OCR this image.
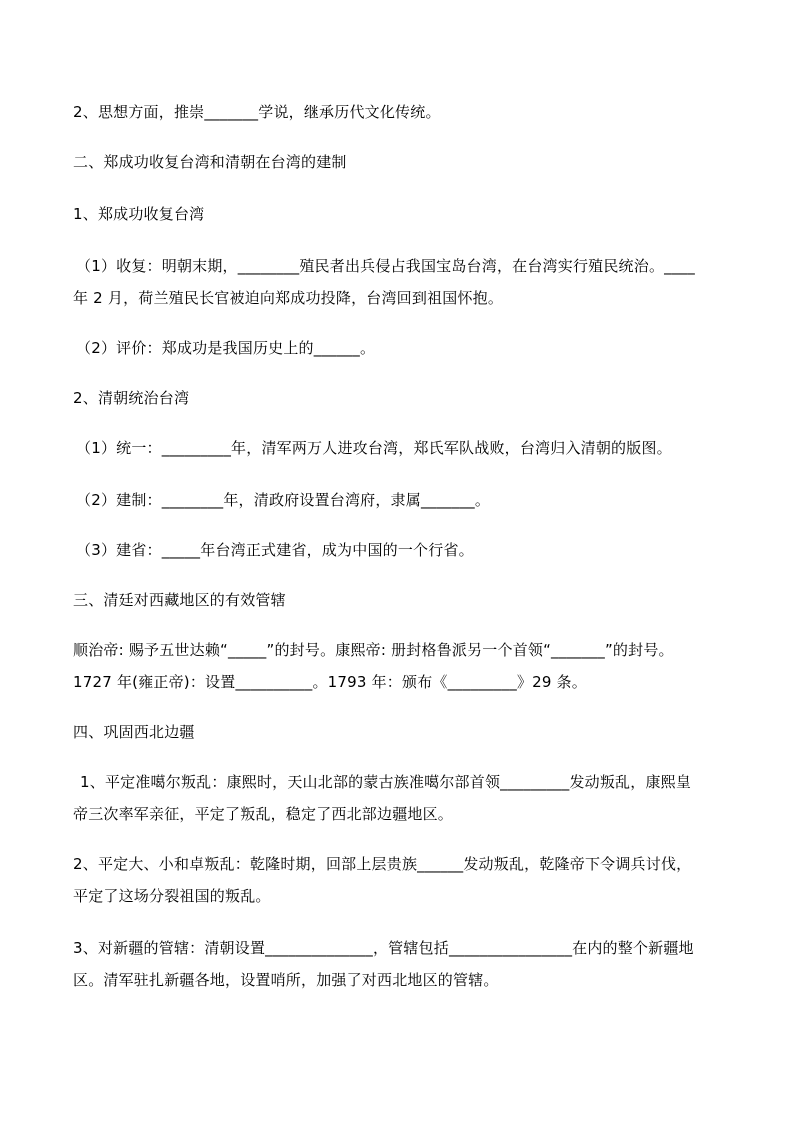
2、思想方面，推崇_______学说，继承历代文化传统。
二、郑成功收复台湾和清朝在台湾的建制
1、郑成功收复台湾
（1）收复：明朝末期，________殖民者出兵侵占我国宝岛台湾，在台湾实行殖民统治。____
年 2 月，荷兰殖民长官被迫向郑成功投降，台湾回到祖国怀抱。
（2）评价：郑成功是我国历史上的______。
2、清朝统治台湾
（1）统一：_________年，清军两万人进攻台湾，郑氏军队战败，台湾归入清朝的版图。
（2）建制：________年，清政府设置台湾府，隶属_______。
（3）建省：_____年台湾正式建省，成为中国的一个行省。
三、清廷对西藏地区的有效管辖
顺治帝: 赐予五世达赖“_____”的封号。康熙帝: 册封格鲁派另一个首领“_______”的封号。
1727 年(雍正帝)：设置__________。1793 年：颁布《_________》29 条。
四、巩固西北边疆
1、平定准噶尔叛乱：康熙时，天山北部的蒙古族准噶尔部首领_________发动叛乱，康熙皇
帝三次率军亲征，平定了叛乱，稳定了西北部边疆地区。
2、平定大、小和卓叛乱：乾隆时期，回部上层贵族______发动叛乱，乾隆帝下令调兵讨伐，
平定了这场分裂祖国的叛乱。
3、对新疆的管辖：清朝设置______________，管辖包括________________在内的整个新疆地
区。清军驻扎新疆各地，设置哨所，加强了对西北地区的管辖。
